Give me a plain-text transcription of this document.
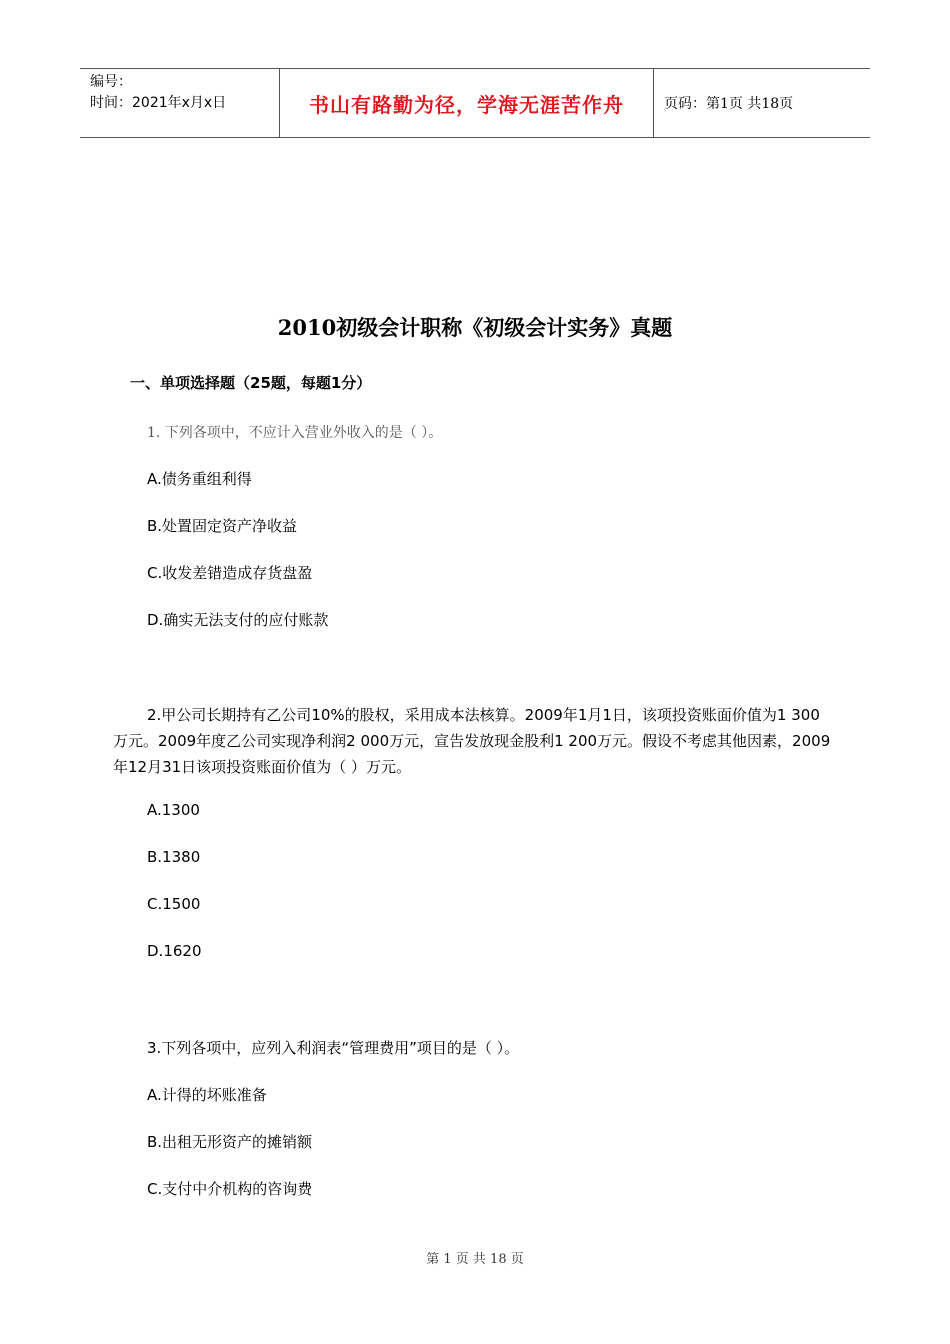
编号：
时间：2021年x月x日	书山有路勤为径，学海无涯苦作舟	页码：第1页 共18页
2010初级会计职称《初级会计实务》真题
一、单项选择题（25题，每题1分）
1. 下列各项中，不应计入营业外收入的是（ ）。
A.债务重组利得
B.处置固定资产净收益
C.收发差错造成存货盘盈
D.确实无法支付的应付账款
2.甲公司长期持有乙公司10%的股权，采用成本法核算。2009年1月1日，该项投资账面价值为1 300万元。2009年度乙公司实现净利润2 000万元，宣告发放现金股利1 200万元。假设不考虑其他因素，2009年12月31日该项投资账面价值为（ ）万元。
A.1300
B.1380
C.1500
D.1620
3.下列各项中，应列入利润表“管理费用”项目的是（ ）。
A.计得的坏账准备
B.出租无形资产的摊销额
C.支付中介机构的咨询费
第 1 页 共 18 页
